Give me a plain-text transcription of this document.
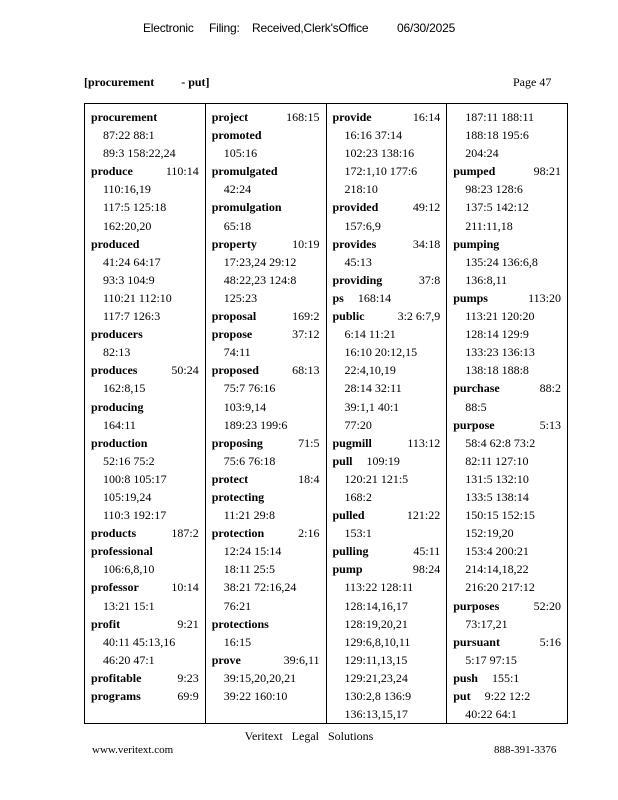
Electronic Filing: Received,Clerk'sOffice 06/30/2025
[procurement         - put]	Page 47
procurement
87:22 88:1
89:3 158:22,24
produce	110:14
110:16,19
117:5 125:18
162:20,20
produced
41:24 64:17
93:3 104:9
110:21 112:10
117:7 126:3
producers
82:13
produces	50:24
162:8,15
producing
164:11
production
52:16 75:2
100:8 105:17
105:19,24
110:3 192:17
products	187:2
professional
106:6,8,10
professor	10:14
13:21 15:1
profit	9:21
40:11 45:13,16
46:20 47:1
profitable	9:23
programs	69:9
project	168:15
promoted
105:16
promulgated
42:24
promulgation
65:18
property	10:19
17:23,24 29:12
48:22,23 124:8
125:23
proposal	169:2
propose	37:12
74:11
proposed	68:13
75:7 76:16
103:9,14
189:23 199:6
proposing	71:5
75:6 76:18
protect	18:4
protecting
11:21 29:8
protection	2:16
12:24 15:14
18:11 25:5
38:21 72:16,24
76:21
protections
16:15
prove	39:6,11
39:15,20,20,21
39:22 160:10
provide	16:14
16:16 37:14
102:23 138:16
172:1,10 177:6
218:10
provided	49:12
157:6,9
provides	34:18
45:13
providing	37:8
ps 168:14
public	3:2 6:7,9
6:14 11:21
16:10 20:12,15
22:4,10,19
28:14 32:11
39:1,1 40:1
77:20
pugmill	113:12
pull 109:19
120:21 121:5
168:2
pulled	121:22
153:1
pulling	45:11
pump	98:24
113:22 128:11
128:14,16,17
128:19,20,21
129:6,8,10,11
129:11,13,15
129:21,23,24
130:2,8 136:9
136:13,15,17
187:11 188:11
188:18 195:6
204:24
pumped	98:21
98:23 128:6
137:5 142:12
211:11,18
pumping
135:24 136:6,8
136:8,11
pumps	113:20
113:21 120:20
128:14 129:9
133:23 136:13
138:18 188:8
purchase	88:2
88:5
purpose	5:13
58:4 62:8 73:2
82:11 127:10
131:5 132:10
133:5 138:14
150:15 152:15
152:19,20
153:4 200:21
214:14,18,22
216:20 217:12
purposes	52:20
73:17,21
pursuant	5:16
5:17 97:15
push 155:1
put 9:22 12:2
40:22 64:1
Veritext Legal Solutions
www.veritext.com	888-391-3376
